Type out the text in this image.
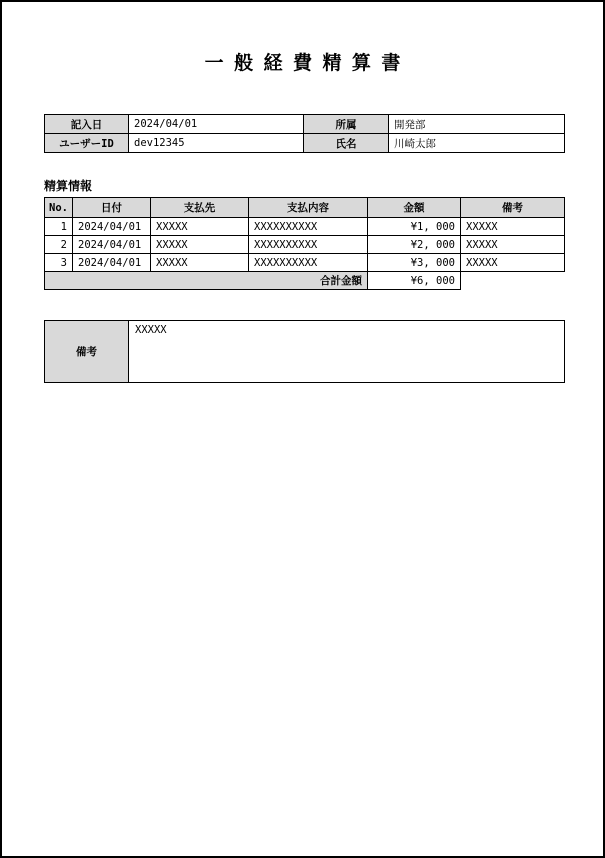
一般経費精算書
記入日	2024/04/01	所属	開発部
ユーザーID	dev12345	氏名	川崎太郎
精算情報
No.	日付	支払先	支払内容	金額	備考
1	2024/04/01	XXXXX	XXXXXXXXXX	¥1, 000	XXXXX
2	2024/04/01	XXXXX	XXXXXXXXXX	¥2, 000	XXXXX
3	2024/04/01	XXXXX	XXXXXXXXXX	¥3, 000	XXXXX
合計金額				¥6, 000	
備考	XXXXX
